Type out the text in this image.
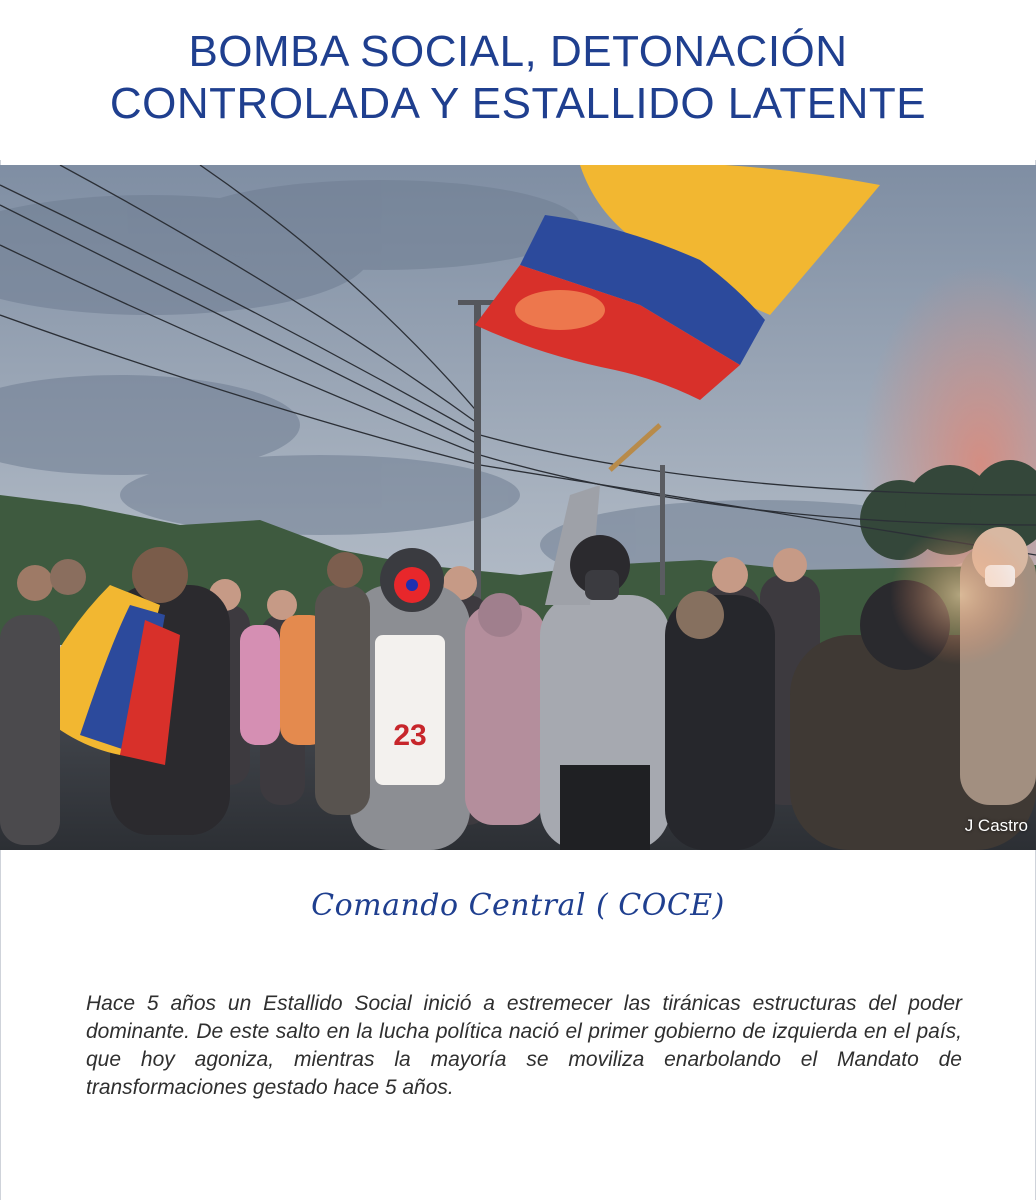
BOMBA SOCIAL, DETONACIÓN
CONTROLADA Y ESTALLIDO LATENTE
23
J Castro
Comando Central ( COCE)

Hace 5 años un Estallido Social inició a estremecer las tiránicas estructuras del poder dominante. De este salto en la lucha política nació el primer gobierno de izquierda en el país, que hoy agoniza, mientras la mayoría se moviliza enarbolando el Mandato de transformaciones gestado hace 5 años.
